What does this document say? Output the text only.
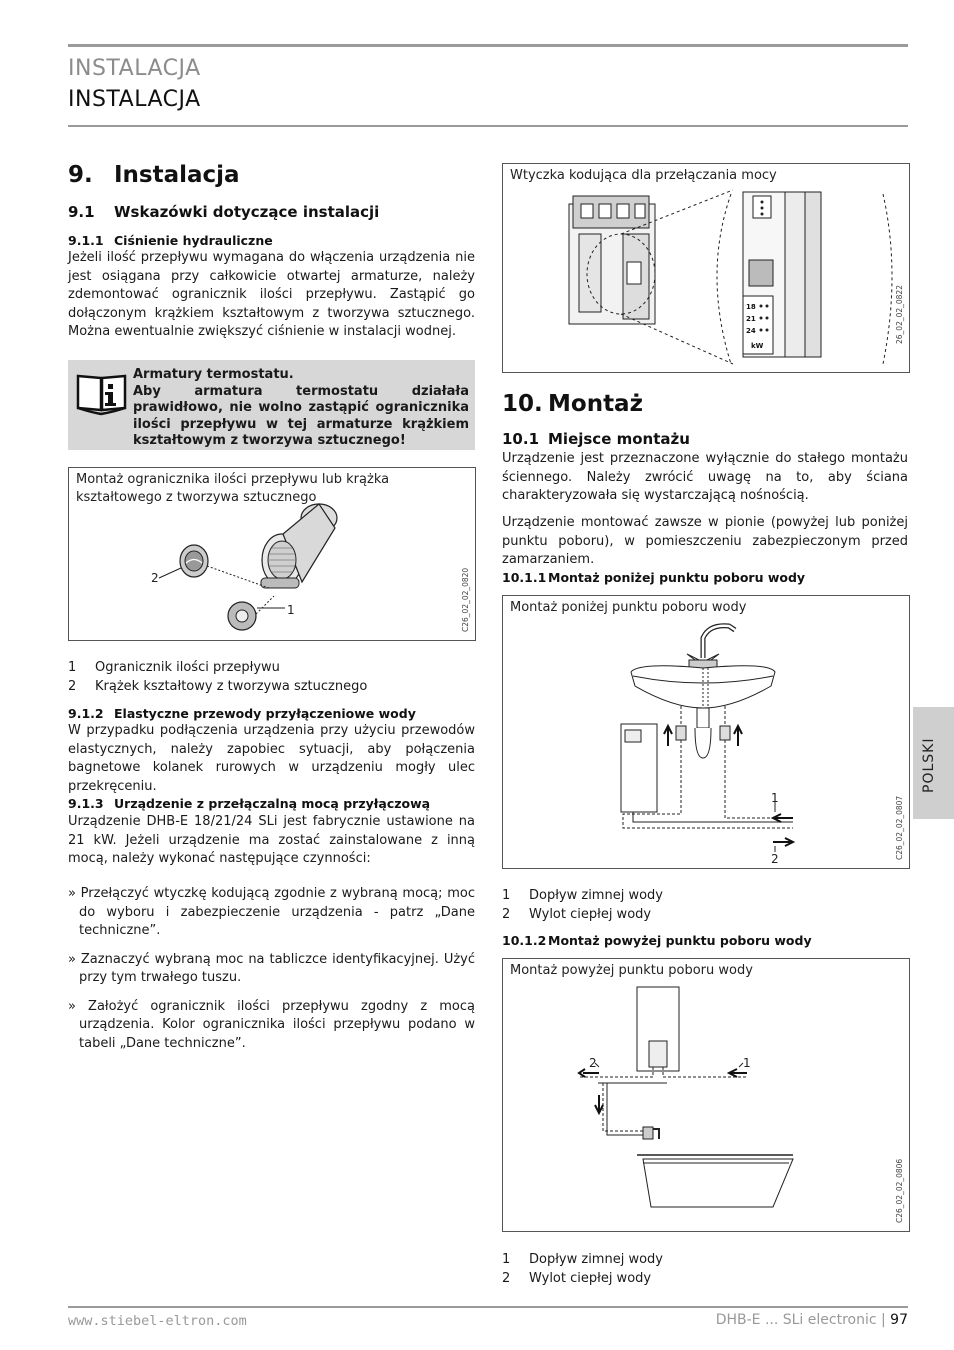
INSTALACJA
INSTALACJA
9. Instalacja
9.1 Wskazówki dotyczące instalacji
9.1.1 Ciśnienie hydrauliczne
Jeżeli ilość przepływu wymagana do włączenia urządzenia nie jest osiągana przy całkowicie otwartej armaturze, należy zdemontować ogranicznik ilości przepływu. Zastąpić go dołączonym krążkiem kształtowym z tworzywa sztucznego. Można ewentualnie zwiększyć ciśnienie w instalacji wodnej.
Armatury termostatu.
Aby armatura termostatu działała prawidłowo, nie wolno zastąpić ogranicznika ilości przepływu w tej armaturze krążkiem kształtowym z tworzywa sztucznego!
Montaż ogranicznika ilości przepływu lub krążka kształtowego z tworzywa sztucznego
2
1	C26_02_02_0820
1 Ogranicznik ilości przepływu
2 Krążek kształtowy z tworzywa sztucznego
9.1.2 Elastyczne przewody przyłączeniowe wody
W przypadku podłączenia urządzenia przy użyciu przewodów elastycznych, należy zapobiec sytuacji, aby połączenia bagnetowe kolanek rurowych w urządzeniu mogły ulec przekręceniu.
9.1.3 Urządzenie z przełączalną mocą przyłączową
Urządzenie DHB-E 18/21/24 SLi jest fabrycznie ustawione na 21 kW. Jeżeli urządzenie ma zostać zainstalowane z inną mocą, należy wykonać następujące czynności:
» Przełączyć wtyczkę kodującą zgodnie z wybraną mocą; moc do wyboru i zabezpieczenie urządzenia - patrz „Dane techniczne”.
» Zaznaczyć wybraną moc na tabliczce identyfikacyjnej. Użyć przy tym trwałego tuszu.
» Założyć ogranicznik ilości przepływu zgodny z mocą urządzenia. Kolor ogranicznika ilości przepływu podano w tabeli „Dane techniczne”.
Wtyczka kodująca dla przełączania mocy
18
21
24
kW
26_02_02_0822
10. Montaż
10.1 Miejsce montażu
Urządzenie jest przeznaczone wyłącznie do stałego montażu ściennego. Należy zwrócić uwagę na to, aby ściana charakteryzowała się wystarczającą nośnością.
Urządzenie montować zawsze w pionie (powyżej lub poniżej punktu poboru), w pomieszczeniu zabezpieczonym przed zamarzaniem.
10.1.1 Montaż poniżej punktu poboru wody
Montaż poniżej punktu poboru wody
1
2	C26_02_02_0807
1 Dopływ zimnej wody
2 Wylot ciepłej wody
10.1.2 Montaż powyżej punktu poboru wody
Montaż powyżej punktu poboru wody
2	1
C26_02_02_0806
1 Dopływ zimnej wody
2 Wylot ciepłej wody
POLSKI
www.stiebel-eltron.com	DHB-E ... SLi electronic | 97
